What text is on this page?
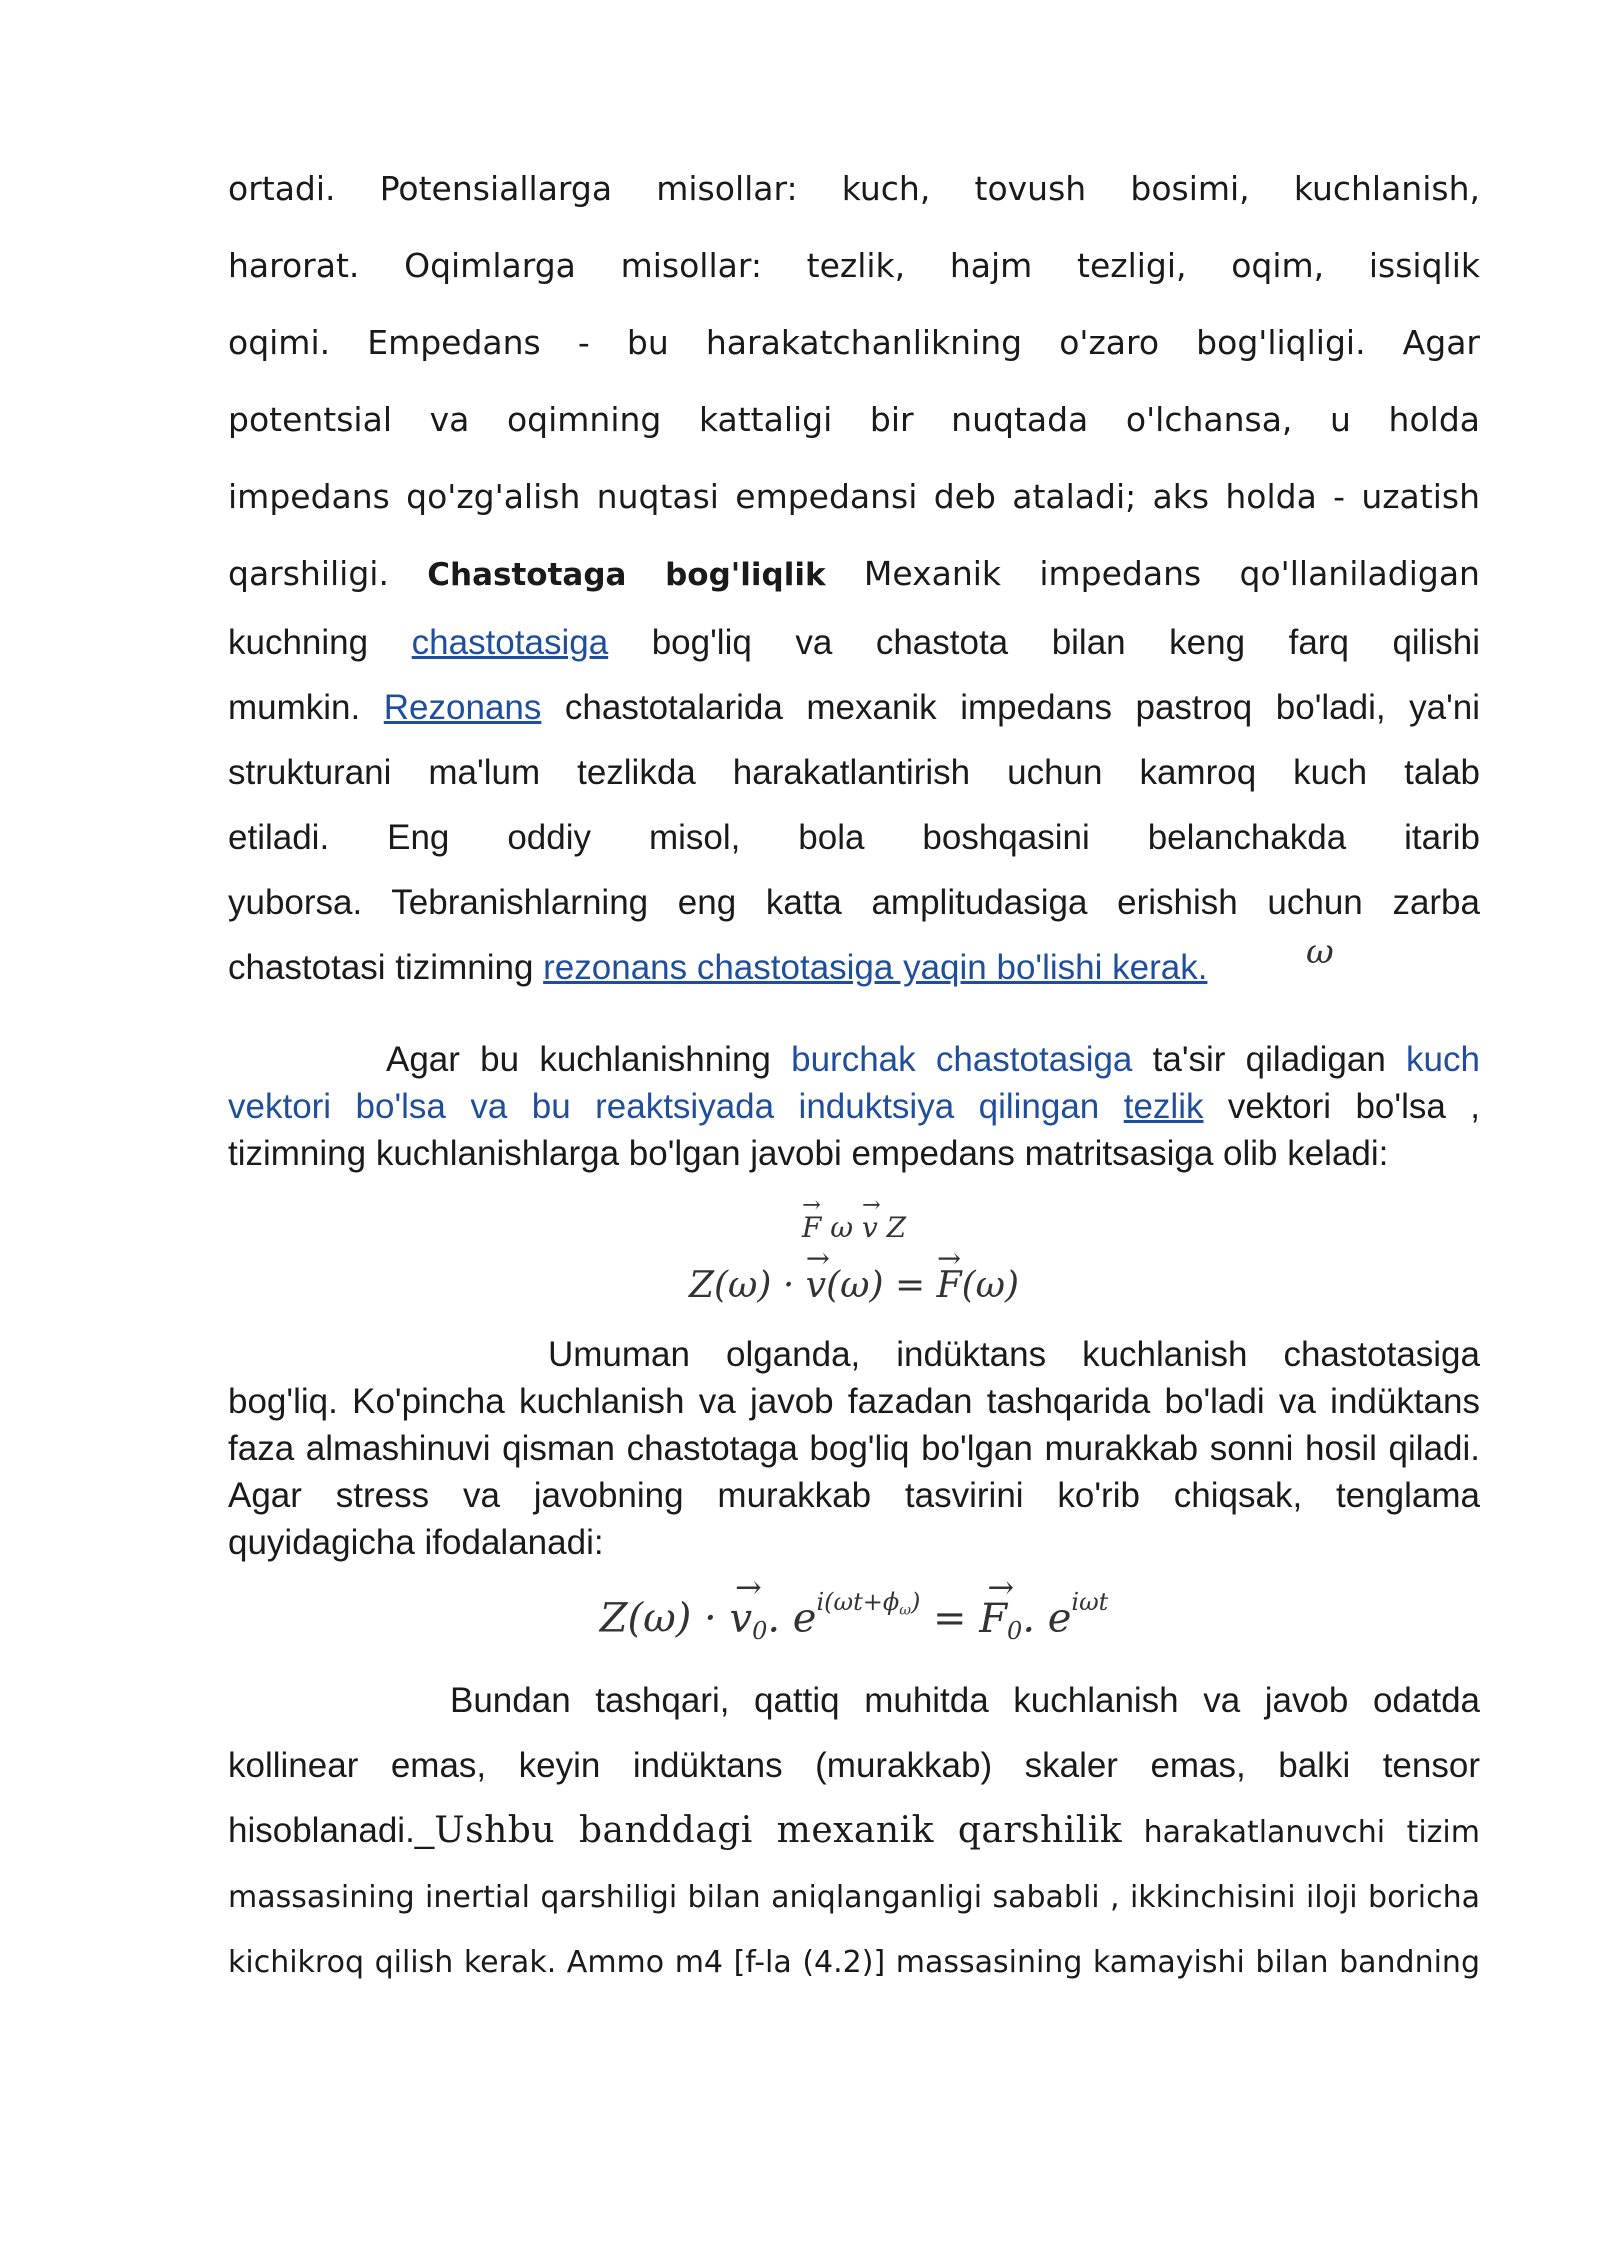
ortadi. Potensiallarga misollar: kuch, tovush bosimi, kuchlanish,
harorat. Oqimlarga misollar: tezlik, hajm tezligi, oqim, issiqlik
oqimi. Empedans - bu harakatchanlikning o'zaro bog'liqligi. Agar
potentsial va oqimning kattaligi bir nuqtada o'lchansa, u holda
impedans qo'zg'alish nuqtasi empedansi deb ataladi; aks holda - uzatish
qarshiligi. Chastotaga bog'liqlik Mexanik impedans qo'llaniladigan
kuchning chastotasiga bog'liq va chastota bilan keng farq qilishi
mumkin. Rezonans chastotalarida mexanik impedans pastroq bo'ladi, ya'ni
strukturani ma'lum tezlikda harakatlantirish uchun kamroq kuch talab
etiladi. Eng oddiy misol, bola boshqasini belanchakda itarib
yuborsa. Tebranishlarning eng katta amplitudasiga erishish uchun zarba
chastotasi tizimning rezonans chastotasiga yaqin bo'lishi kerak.
Agar bu kuchlanishning burchak chastotasiga ta'sir qiladigan kuch vektori bo'lsa va bu reaktsiyada induktsiya qilingan tezlik vektori bo'lsa , tizimning kuchlanishlarga bo'lgan javobi empedans matritsasiga olib keladi:
→ F ω → v Z
Z(ω) · → v(ω) = → F(ω)
Umuman olganda, indüktans kuchlanish chastotasiga bog'liq. Ko'pincha kuchlanish va javob fazadan tashqarida bo'ladi va indüktans faza almashinuvi qisman chastotaga bog'liq bo'lgan murakkab sonni hosil qiladi. Agar stress va javobning murakkab tasvirini ko'rib chiqsak, tenglama quyidagicha ifodalanadi:
Z(ω) · → $v_0$. $e^{i(\omega t+\phi_\omega)}$ = → $F_0$. $e^{i\omega t}$
Bundan tashqari, qattiq muhitda kuchlanish va javob odatda
kollinear emas, keyin indüktans (murakkab) skaler emas, balki tensor
hisoblanadi._Ushbu banddagi mexanik qarshilik harakatlanuvchi tizim
massasining inertial qarshiligi bilan aniqlanganligi sababli , ikkinchisini iloji boricha
kichikroq qilish kerak. Ammo m4 [f-la (4.2)] massasining kamayishi bilan bandning
ω
